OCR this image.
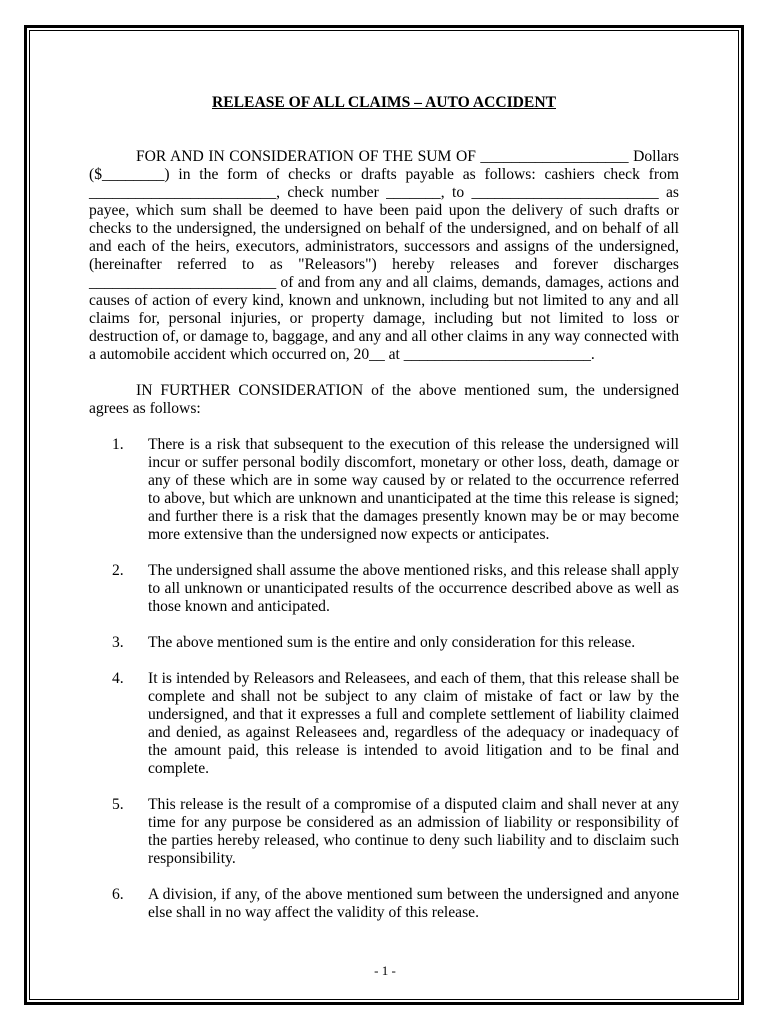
RELEASE OF ALL CLAIMS – AUTO ACCIDENT

FOR AND IN CONSIDERATION OF THE SUM OF ___________________ Dollars ($________) in the form of checks or drafts payable as follows: cashiers check from ________________________, check number _______, to ________________________ as payee, which sum shall be deemed to have been paid upon the delivery of such drafts or checks to the undersigned, the undersigned on behalf of the undersigned, and on behalf of all and each of the heirs, executors, administrators, successors and assigns of the undersigned, (hereinafter referred to as "Releasors") hereby releases and forever discharges ________________________ of and from any and all claims, demands, damages, actions and causes of action of every kind, known and unknown, including but not limited to any and all claims for, personal injuries, or property damage, including but not limited to loss or destruction of, or damage to, baggage, and any and all other claims in any way connected with a automobile accident which occurred on, 20__ at ________________________.

IN FURTHER CONSIDERATION of the above mentioned sum, the undersigned agrees as follows:

1.	There is a risk that subsequent to the execution of this release the undersigned will incur or suffer personal bodily discomfort, monetary or other loss, death, damage or any of these which are in some way caused by or related to the occurrence referred to above, but which are unknown and unanticipated at the time this release is signed; and further there is a risk that the damages presently known may be or may become more extensive than the undersigned now expects or anticipates.
2.	The undersigned shall assume the above mentioned risks, and this release shall apply to all unknown or unanticipated results of the occurrence described above as well as those known and anticipated.
3.	The above mentioned sum is the entire and only consideration for this release.
4.	It is intended by Releasors and Releasees, and each of them, that this release shall be complete and shall not be subject to any claim of mistake of fact or law by the undersigned, and that it expresses a full and complete settlement of liability claimed and denied, as against Releasees and, regardless of the adequacy or inadequacy of the amount paid, this release is intended to avoid litigation and to be final and complete.
5.	This release is the result of a compromise of a disputed claim and shall never at any time for any purpose be considered as an admission of liability or responsibility of the parties hereby released, who continue to deny such liability and to disclaim such responsibility.
6.	A division, if any, of the above mentioned sum between the undersigned and anyone else shall in no way affect the validity of this release.
- 1 -
